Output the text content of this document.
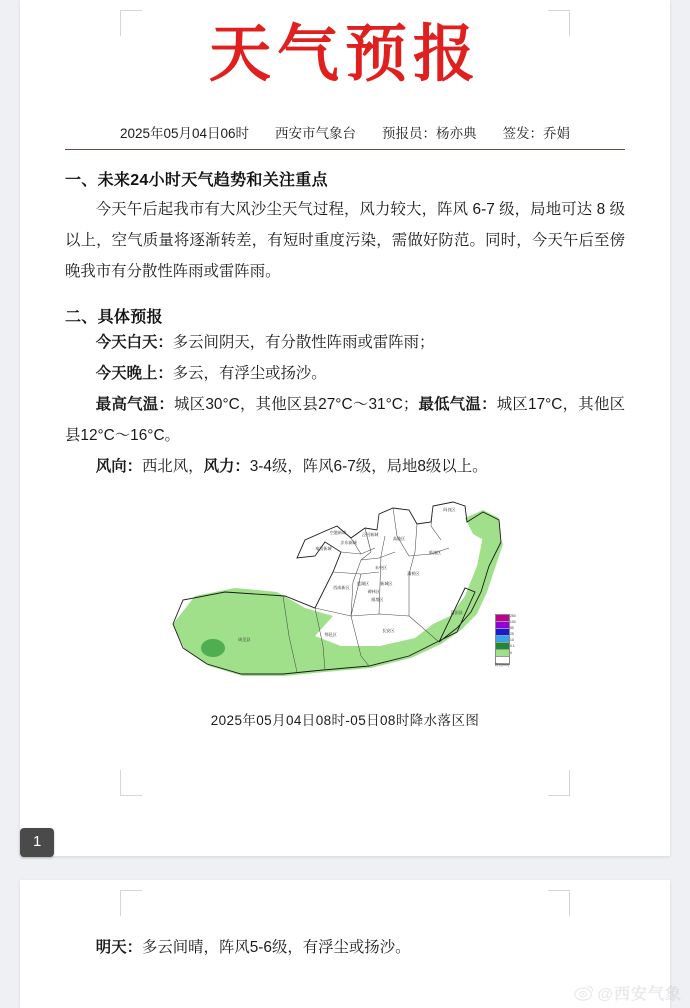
天气预报
2025年05月04日06时 西安市气象台 预报员：杨亦典 签发：乔娟
一、未来24小时天气趋势和关注重点

今天午后起我市有大风沙尘天气过程，风力较大，阵风 6-7 级，局地可达 8 级以上，空气质量将逐渐转差，有短时重度污染，需做好防范。同时，今天午后至傍晚我市有分散性阵雨或雷阵雨。

二、具体预报

今天白天：多云间阴天，有分散性阵雨或雷阵雨；

今天晚上：多云，有浮尘或扬沙。

最高气温：城区30°C，其他区县27°C～31°C；最低气温：城区17°C，其他区县12°C～16°C。

风向：西北风，风力：3-4级，阵风6-7级，局地8级以上。

周至县
鄠邑区
长安区
蓝田县
临潼区
高陵区
阎良区
灞桥区
未央区
莲湖区	新城区
碑林区
雁塔区
西咸新区
沣东新城
泾河新城
秦汉新城
空港新城
250
100
50
25
10
0.1
0
降水(mm)
2025年05月04日08时-05日08时降水落区图
1

明天：多云间晴，阵风5-6级，有浮尘或扬沙。

@西安气象
